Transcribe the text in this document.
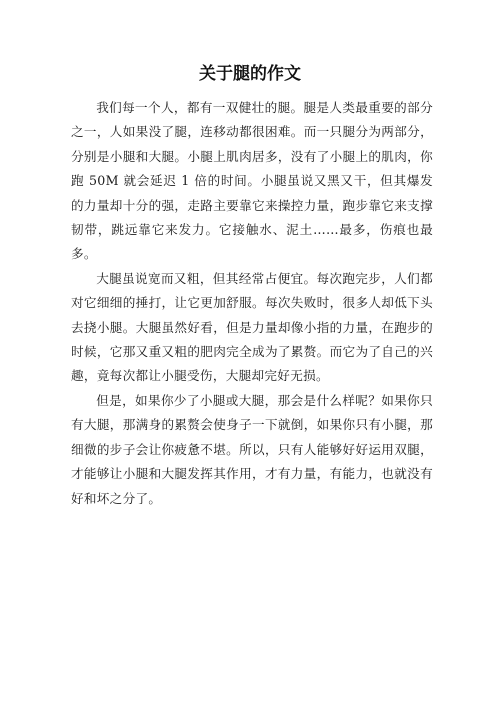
关于腿的作文

我们每一个人，都有一双健壮的腿。腿是人类最重要的部分之一，人如果没了腿，连移动都很困难。而一只腿分为两部分，分别是小腿和大腿。小腿上肌肉居多，没有了小腿上的肌肉，你跑 50M 就会延迟 1 倍的时间。小腿虽说又黑又干，但其爆发的力量却十分的强，走路主要靠它来操控力量，跑步靠它来支撑韧带，跳远靠它来发力。它接触水、泥土……最多，伤痕也最多。

大腿虽说宽而又粗，但其经常占便宜。每次跑完步，人们都对它细细的捶打，让它更加舒服。每次失败时，很多人却低下头去挠小腿。大腿虽然好看，但是力量却像小指的力量，在跑步的时候，它那又重又粗的肥肉完全成为了累赘。而它为了自己的兴趣，竟每次都让小腿受伤，大腿却完好无损。

但是，如果你少了小腿或大腿，那会是什么样呢？如果你只有大腿，那满身的累赘会使身子一下就倒，如果你只有小腿，那细微的步子会让你疲惫不堪。所以，只有人能够好好运用双腿，才能够让小腿和大腿发挥其作用，才有力量，有能力，也就没有好和坏之分了。
